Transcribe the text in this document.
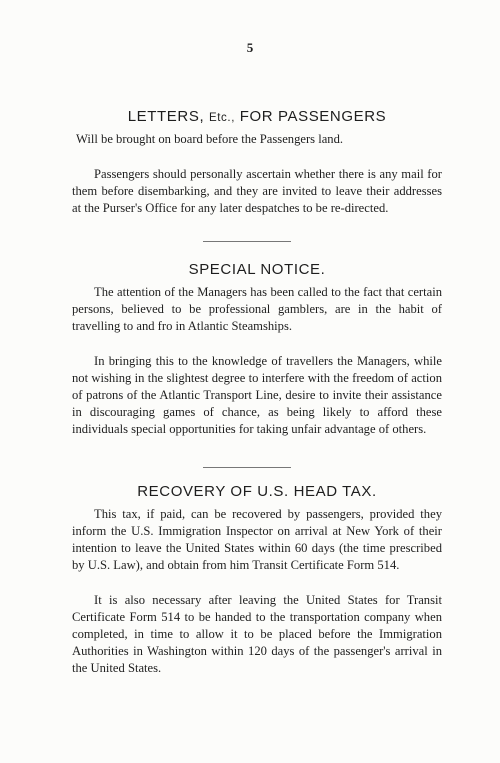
5
LETTERS, Etc., FOR PASSENGERS

Will be brought on board before the Passengers land.

Passengers should personally ascertain whether there is any mail for them before disembarking, and they are invited to leave their addresses at the Purser's Office for any later despatches to be re-directed.

SPECIAL NOTICE.

The attention of the Managers has been called to the fact that certain persons, believed to be professional gamblers, are in the habit of travelling to and fro in Atlantic Steamships.

In bringing this to the knowledge of travellers the Managers, while not wishing in the slightest degree to interfere with the freedom of action of patrons of the Atlantic Transport Line, desire to invite their assistance in discouraging games of chance, as being likely to afford these individuals special opportunities for taking unfair advantage of others.

RECOVERY OF U.S. HEAD TAX.

This tax, if paid, can be recovered by passengers, provided they inform the U.S. Immigration Inspector on arrival at New York of their intention to leave the United States within 60 days (the time prescribed by U.S. Law), and obtain from him Transit Certificate Form 514.

It is also necessary after leaving the United States for Transit Certificate Form 514 to be handed to the transportation company when completed, in time to allow it to be placed before the Immigration Authorities in Washington within 120 days of the passenger's arrival in the United States.
